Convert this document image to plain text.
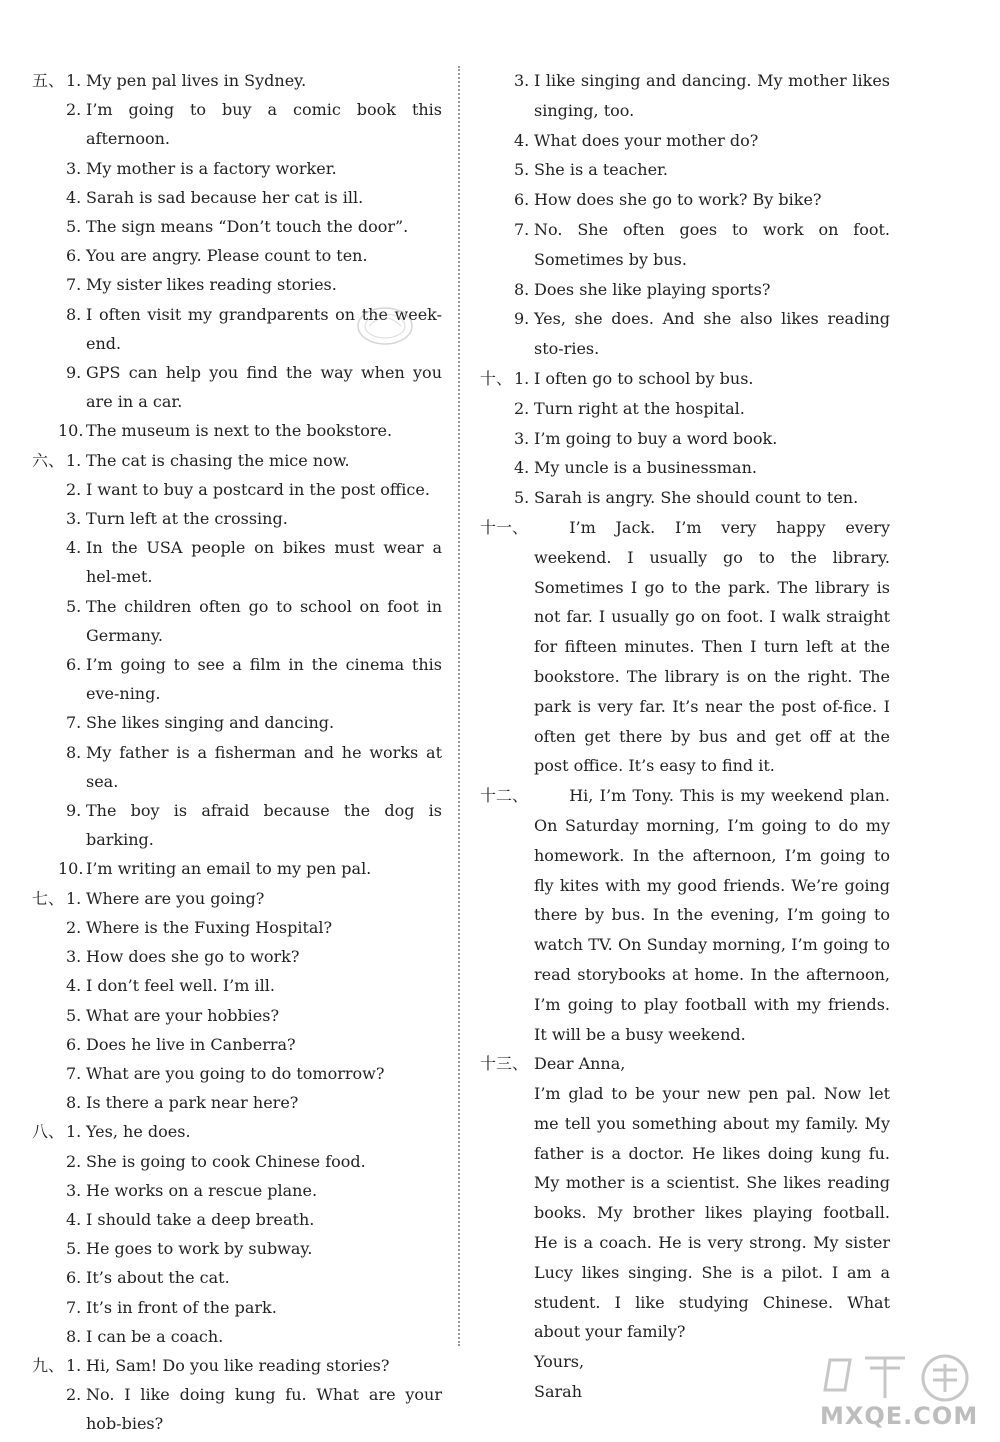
五、 1. My pen pal lives in Sydney.
2. I’m going to buy a comic book this afternoon.
3. My mother is a factory worker.
4. Sarah is sad because her cat is ill.
5. The sign means “Don’t touch the door”.
6. You are angry. Please count to ten.
7. My sister likes reading stories.
8. I often visit my grandparents on the week-end.
9. GPS can help you find the way when you are in a car.
10. The museum is next to the bookstore.
六、 1. The cat is chasing the mice now.
2. I want to buy a postcard in the post office.
3. Turn left at the crossing.
4. In the USA people on bikes must wear a hel-met.
5. The children often go to school on foot in Germany.
6. I’m going to see a film in the cinema this eve-ning.
7. She likes singing and dancing.
8. My father is a fisherman and he works at sea.
9. The boy is afraid because the dog is barking.
10. I’m writing an email to my pen pal.
七、 1. Where are you going?
2. Where is the Fuxing Hospital?
3. How does she go to work?
4. I don’t feel well. I’m ill.
5. What are your hobbies?
6. Does he live in Canberra?
7. What are you going to do tomorrow?
8. Is there a park near here?
八、 1. Yes, he does.
2. She is going to cook Chinese food.
3. He works on a rescue plane.
4. I should take a deep breath.
5. He goes to work by subway.
6. It’s about the cat.
7. It’s in front of the park.
8. I can be a coach.
九、 1. Hi, Sam! Do you like reading stories?
2. No. I like doing kung fu. What are your hob-bies?
3. I like singing and dancing. My mother likes singing, too.
4. What does your mother do?
5. She is a teacher.
6. How does she go to work? By bike?
7. No. She often goes to work on foot. Sometimes by bus.
8. Does she like playing sports?
9. Yes, she does. And she also likes reading sto-ries.
十、 1. I often go to school by bus.
2. Turn right at the hospital.
3. I’m going to buy a word book.
4. My uncle is a businessman.
5. Sarah is angry. She should count to ten.
十一、	I’m Jack. I’m very happy every weekend. I usually go to the library. Sometimes I go to the park. The library is not far. I usually go on foot. I walk straight for fifteen minutes. Then I turn left at the bookstore. The library is on the right. The park is very far. It’s near the post of-fice. I often get there by bus and get off at the post office. It’s easy to find it.
十二、	Hi, I’m Tony. This is my weekend plan. On Saturday morning, I’m going to do my homework. In the afternoon, I’m going to fly kites with my good friends. We’re going there by bus. In the evening, I’m going to watch TV. On Sunday morning, I’m going to read storybooks at home. In the afternoon, I’m going to play football with my friends. It will be a busy weekend.
十三、 Dear Anna,
I’m glad to be your new pen pal. Now let me tell you something about my family. My father is a doctor. He likes doing kung fu. My mother is a scientist. She likes reading books. My brother likes playing football. He is a coach. He is very strong. My sister Lucy likes singing. She is a pilot. I am a student. I like studying Chinese. What about your family?
Yours,
Sarah
MXQE.COM
